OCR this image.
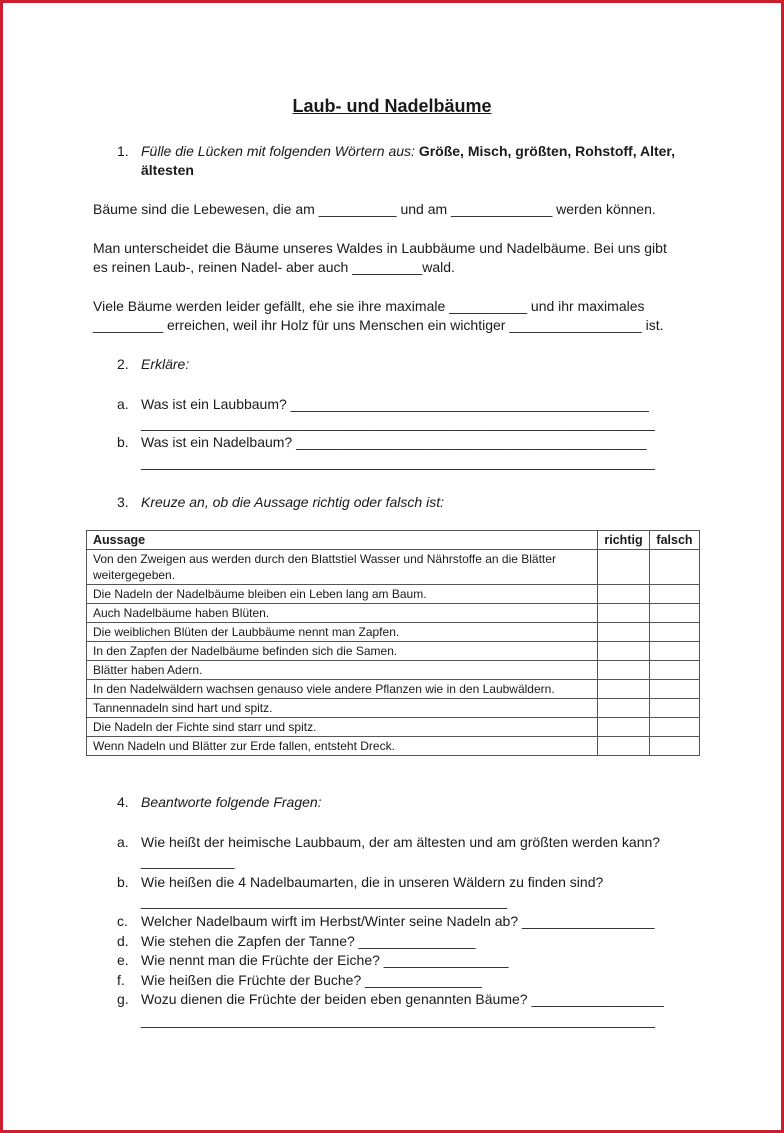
Laub- und Nadelbäume
1. Fülle die Lücken mit folgenden Wörtern aus: Größe, Misch, größten, Rohstoff, Alter,
ältesten
Bäume sind die Lebewesen, die am __________ und am _____________ werden können.
Man unterscheidet die Bäume unseres Waldes in Laubbäume und Nadelbäume. Bei uns gibt
es reinen Laub-, reinen Nadel- aber auch _________wald.
Viele Bäume werden leider gefällt, ehe sie ihre maximale __________ und ihr maximales
_________ erreichen, weil ihr Holz für uns Menschen ein wichtiger _________________ ist.
2. Erkläre:
a. Was ist ein Laubbaum? ______________________________________________
__________________________________________________________________
b. Was ist ein Nadelbaum? _____________________________________________
__________________________________________________________________
3. Kreuze an, ob die Aussage richtig oder falsch ist:
Aussage	richtig	falsch
Von den Zweigen aus werden durch den Blattstiel Wasser und Nährstoffe an die Blätter weitergegeben.		
Die Nadeln der Nadelbäume bleiben ein Leben lang am Baum.		
Auch Nadelbäume haben Blüten.		
Die weiblichen Blüten der Laubbäume nennt man Zapfen.		
In den Zapfen der Nadelbäume befinden sich die Samen.		
Blätter haben Adern.		
In den Nadelwäldern wachsen genauso viele andere Pflanzen wie in den Laubwäldern.		
Tannennadeln sind hart und spitz.		
Die Nadeln der Fichte sind starr und spitz.		
Wenn Nadeln und Blätter zur Erde fallen, entsteht Dreck.		
4. Beantworte folgende Fragen:
a. Wie heißt der heimische Laubbaum, der am ältesten und am größten werden kann?
____________
b. Wie heißen die 4 Nadelbaumarten, die in unseren Wäldern zu finden sind?
_______________________________________________
c. Welcher Nadelbaum wirft im Herbst/Winter seine Nadeln ab? _________________
d. Wie stehen die Zapfen der Tanne? _______________
e. Wie nennt man die Früchte der Eiche? ________________
f. Wie heißen die Früchte der Buche? _______________
g. Wozu dienen die Früchte der beiden eben genannten Bäume? _________________
__________________________________________________________________
